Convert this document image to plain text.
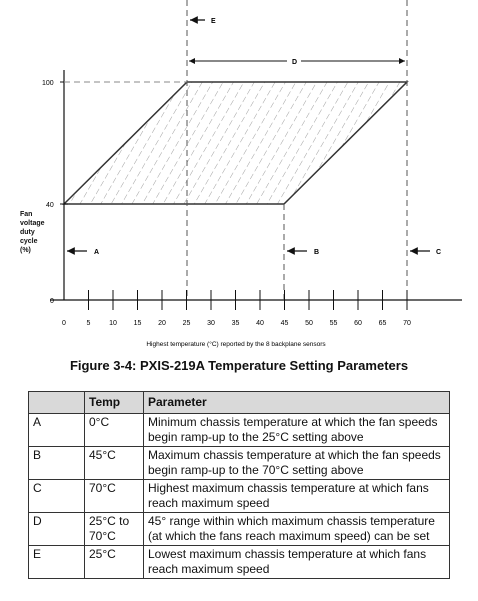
E
D
A	B	C
100
40
0
0	5	10 15 20 25 30 35 40 45 50 55 60 65 70
Highest temperature (°C) reported by the 8 backplane sensors
Fan voltage duty cycle (%)
Figure 3-4: PXIS-219A Temperature Setting Parameters
	Temp	Parameter
A	0°C	Minimum chassis temperature at which the fan speeds begin ramp-up to the 25°C setting above
B	45°C	Maximum chassis temperature at which the fan speeds begin ramp-up to the 70°C setting above
C	70°C	Highest maximum chassis temperature at which fans reach maximum speed
D	25°C to 70°C	45° range within which maximum chassis temperature (at which the fans reach maximum speed) can be set
E	25°C	Lowest maximum chassis temperature at which fans reach maximum speed
